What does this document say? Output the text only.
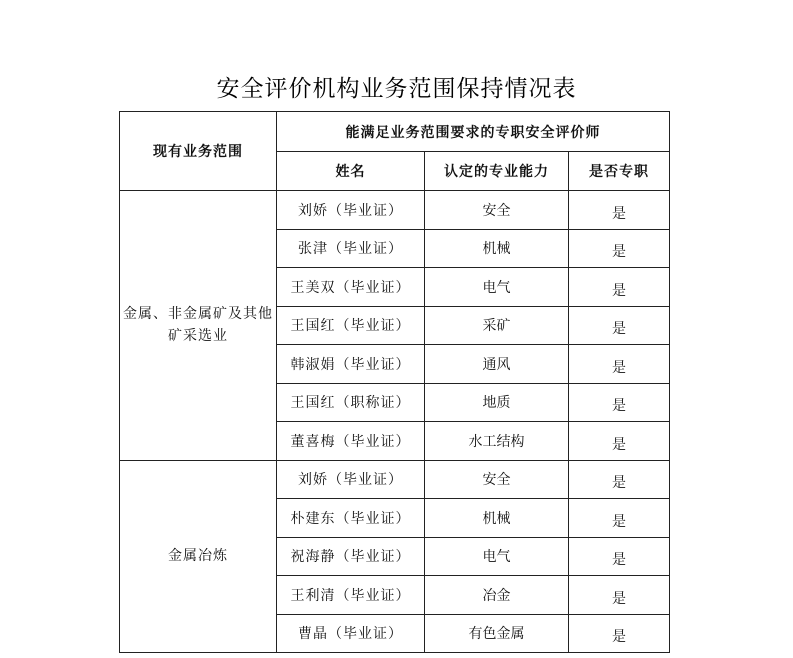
安全评价机构业务范围保持情况表
现有业务范围	能满足业务范围要求的专职安全评价师		
	姓名	认定的专业能力	是否专职
金属、非金属矿及其他矿采选业	刘娇（毕业证）	安全	是
	张津（毕业证）	机械	是
	王美双（毕业证）	电气	是
	王国红（毕业证）	采矿	是
	韩淑娟（毕业证）	通风	是
	王国红（职称证）	地质	是
	董喜梅（毕业证）	水工结构	是
金属冶炼	刘娇（毕业证）	安全	是
	朴建东（毕业证）	机械	是
	祝海静（毕业证）	电气	是
	王利清（毕业证）	冶金	是
	曹晶（毕业证）	有色金属	是
